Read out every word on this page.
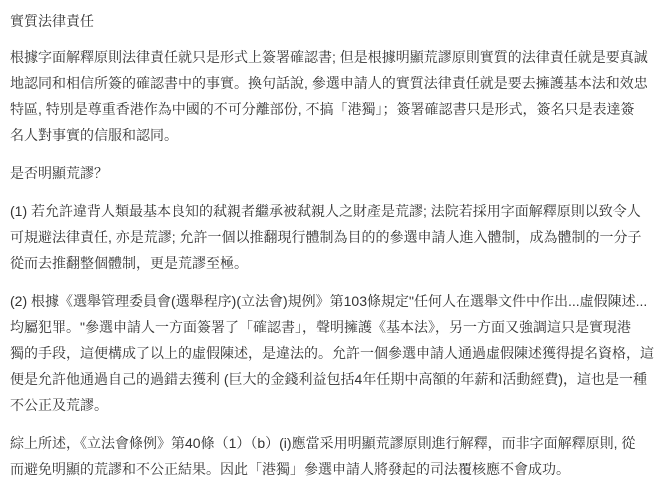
實質法律責任
根據字面解釋原則法律責任就只是形式上簽署確認書; 但是根據明顯荒謬原則實質的法律責任就是要真誠
地認同和相信所簽的確認書中的事實。換句話說, 參選申請人的實質法律責任就是要去擁護基本法和效忠
特區, 特別是尊重香港作為中國的不可分離部份, 不搞「港獨」；簽署確認書只是形式，簽名只是表達簽
名人對事實的信服和認同。
是否明顯荒謬？
(1) 若允許違背人類最基本良知的弒親者繼承被弒親人之財產是荒謬; 法院若採用字面解釋原則以致令人
可規避法律責任, 亦是荒謬; 允許一個以推翻現行體制為目的的參選申請人進入體制，成為體制的一分子
從而去推翻整個體制，更是荒謬至極。
(2) 根據《選舉管理委員會(選舉程序)(立法會)規例》第103條規定"任何人在選舉文件中作出...虛假陳述...
均屬犯罪。"參選申請人一方面簽署了「確認書」，聲明擁護《基本法》，另一方面又強調這只是實現港
獨的手段，這便構成了以上的虛假陳述，是違法的。允許一個參選申請人通過虛假陳述獲得提名資格，這
便是允許他通過自己的過錯去獲利 (巨大的金錢利益包括4年任期中高額的年薪和活動經費)，這也是一種
不公正及荒謬。
綜上所述，《立法會條例》第40條（1）（b）(i)應當采用明顯荒謬原則進行解釋，而非字面解釋原則, 從
而避免明顯的荒謬和不公正結果。因此「港獨」參選申請人將發起的司法覆核應不會成功。
